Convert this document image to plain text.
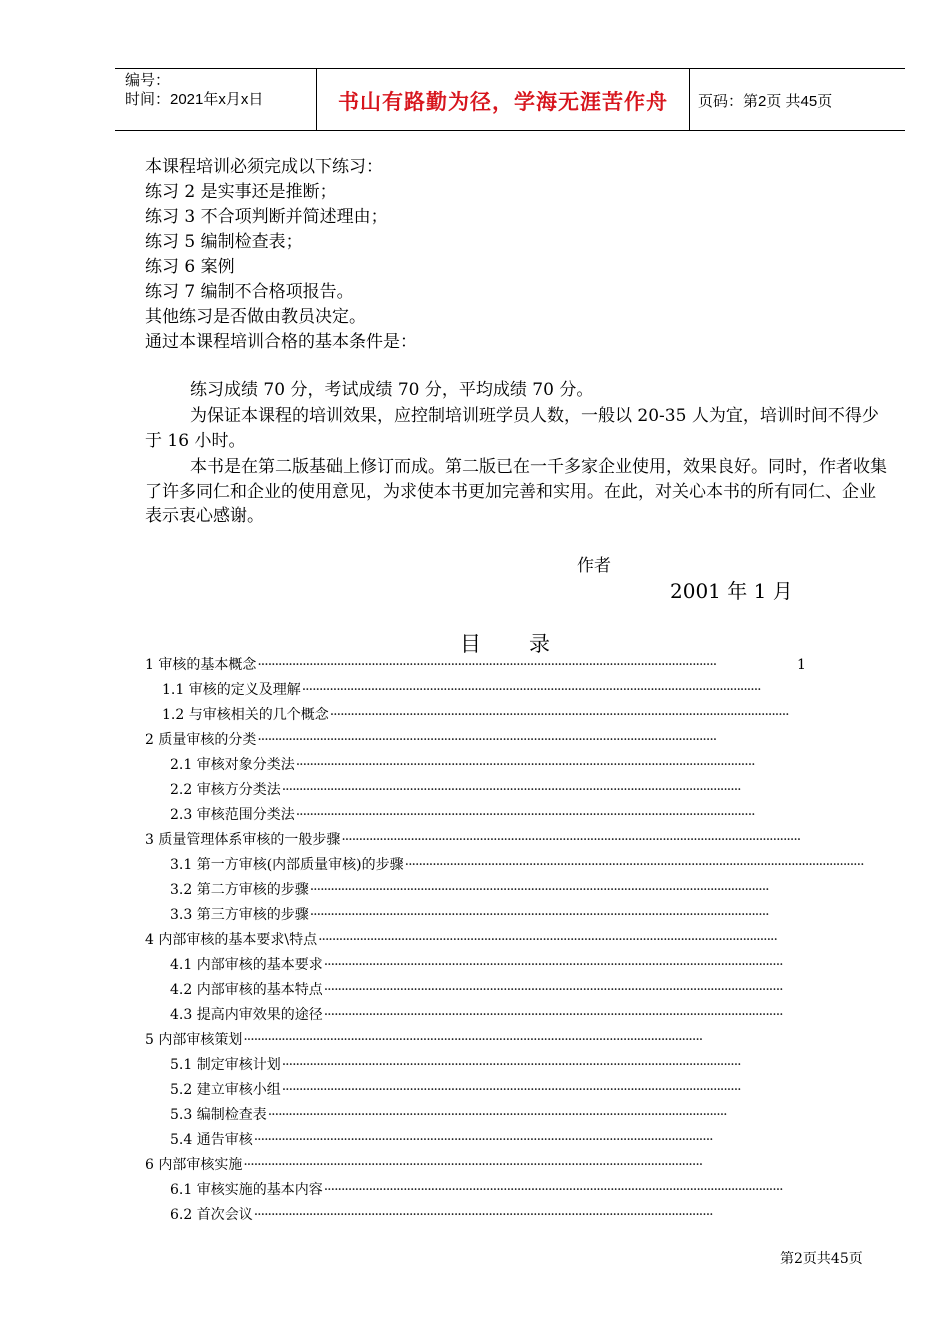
编号：
时间：2021年x月x日	书山有路勤为径，学海无涯苦作舟	页码：第2页 共45页
本课程培训必须完成以下练习：
练习 2 是实事还是推断；
练习 3 不合项判断并简述理由；
练习 5 编制检查表；
练习 6 案例
练习 7 编制不合格项报告。
其他练习是否做由教员决定。
通过本课程培训合格的基本条件是：
练习成绩 70 分，考试成绩 70 分，平均成绩 70 分。
为保证本课程的培训效果，应控制培训班学员人数，一般以 20-35 人为宜，培训时间不得少于 16 小时。
本书是在第二版基础上修订而成。第二版已在一千多家企业使用，效果良好。同时，作者收集了许多同仁和企业的使用意见，为求使本书更加完善和实用。在此，对关心本书的所有同仁、企业表示衷心感谢。
作者
2001 年 1 月
目录
1 审核的基本概念·····································································································································	1
1.1 审核的定义及理解·····································································································································
1.2 与审核相关的几个概念·····································································································································
2 质量审核的分类·····································································································································
2.1 审核对象分类法·····································································································································
2.2 审核方分类法·····································································································································
2.3 审核范围分类法·····································································································································
3 质量管理体系审核的一般步骤·····································································································································
3.1 第一方审核(内部质量审核)的步骤·····································································································································
3.2 第二方审核的步骤·····································································································································
3.3 第三方审核的步骤·····································································································································
4 内部审核的基本要求\特点·····································································································································
4.1 内部审核的基本要求·····································································································································
4.2 内部审核的基本特点·····································································································································
4.3 提高内审效果的途径·····································································································································
5 内部审核策划·····································································································································
5.1 制定审核计划·····································································································································
5.2 建立审核小组·····································································································································
5.3 编制检查表·····································································································································
5.4 通告审核·····································································································································
6 内部审核实施·····································································································································
6.1 审核实施的基本内容·····································································································································
6.2 首次会议·····································································································································
第2页共45页
